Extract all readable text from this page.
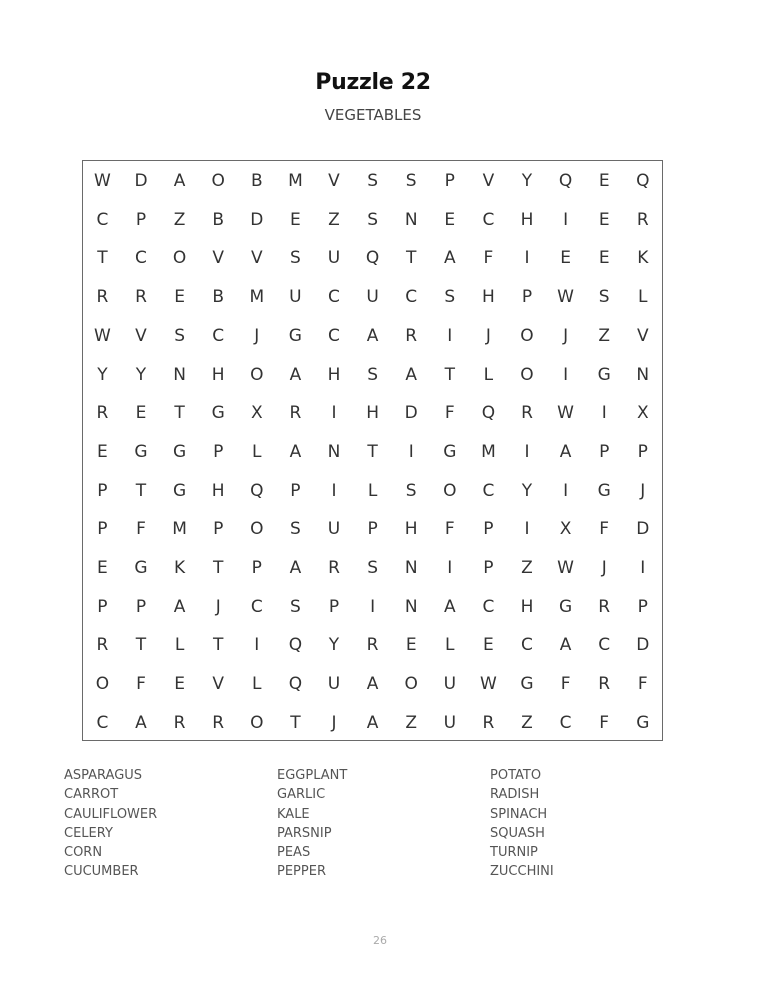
Puzzle 22
VEGETABLES
W	D	A	O	B	M	V	S	S	P	V	Y	Q	E	Q
C	P	Z	B	D	E	Z	S	N	E	C	H	I	E	R
T	C	O	V	V	S	U	Q	T	A	F	I	E	E	K
R	R	E	B	M	U	C	U	C	S	H	P	W	S	L
W	V	S	C	J	G	C	A	R	I	J	O	J	Z	V
Y	Y	N	H	O	A	H	S	A	T	L	O	I	G	N
R	E	T	G	X	R	I	H	D	F	Q	R	W	I	X
E	G	G	P	L	A	N	T	I	G	M	I	A	P	P
P	T	G	H	Q	P	I	L	S	O	C	Y	I	G	J
P	F	M	P	O	S	U	P	H	F	P	I	X	F	D
E	G	K	T	P	A	R	S	N	I	P	Z	W	J	I
P	P	A	J	C	S	P	I	N	A	C	H	G	R	P
R	T	L	T	I	Q	Y	R	E	L	E	C	A	C	D
O	F	E	V	L	Q	U	A	O	U	W	G	F	R	F
C	A	R	R	O	T	J	A	Z	U	R	Z	C	F	G
ASPARAGUS
CARROT
CAULIFLOWER
CELERY
CORN
CUCUMBER
EGGPLANT
GARLIC
KALE
PARSNIP
PEAS
PEPPER
POTATO
RADISH
SPINACH
SQUASH
TURNIP
ZUCCHINI
26
